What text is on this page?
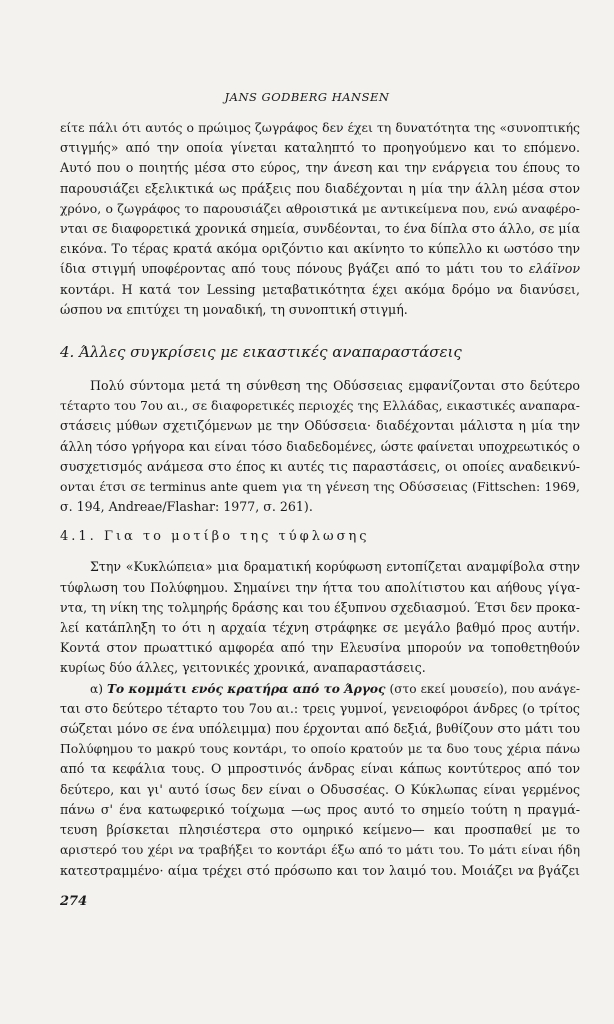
JANS GODBERG HANSEN
είτε πάλι ότι αυτός ο πρώιμος ζωγράφος δεν έχει τη δυνατότητα της «συνοπτικής
στιγμής» από την οποία γίνεται καταληπτό το προηγούμενο και το επόμενο.
Αυτό που ο ποιητής μέσα στο εύρος, την άνεση και την ενάργεια του έπους το
παρουσιάζει εξελικτικά ως πράξεις που διαδέχονται η μία την άλλη μέσα στον
χρόνο, ο ζωγράφος το παρουσιάζει αθροιστικά με αντικείμενα που, ενώ αναφέρο-
νται σε διαφορετικά χρονικά σημεία, συνδέονται, το ένα δίπλα στο άλλο, σε μία
εικόνα. Το τέρας κρατά ακόμα οριζόντιο και ακίνητο το κύπελλο κι ωστόσο την
ίδια στιγμή υποφέροντας από τους πόνους βγάζει από το μάτι του το ελάϊνον
κοντάρι. Η κατά τον Lessing μεταβατικότητα έχει ακόμα δρόμο να διανύσει,
ώσπου να επιτύχει τη μοναδική, τη συνοπτική στιγμή.
4. Άλλες συγκρίσεις με εικαστικές αναπαραστάσεις
Πολύ σύντομα μετά τη σύνθεση της Οδύσσειας εμφανίζονται στο δεύτερο
τέταρτο του 7ου αι., σε διαφορετικές περιοχές της Ελλάδας, εικαστικές αναπαρα-
στάσεις μύθων σχετιζόμενων με την Οδύσσεια· διαδέχονται μάλιστα η μία την
άλλη τόσο γρήγορα και είναι τόσο διαδεδομένες, ώστε φαίνεται υποχρεωτικός ο
συσχετισμός ανάμεσα στο έπος κι αυτές τις παραστάσεις, οι οποίες αναδεικνύ-
ονται έτσι σε terminus ante quem για τη γένεση της Οδύσσειας (Fittschen: 1969,
σ. 194, Andreae/Flashar: 1977, σ. 261).
4.1. Για το μοτίβο της τύφλωσης
Στην «Κυκλώπεια» μια δραματική κορύφωση εντοπίζεται αναμφίβολα στην
τύφλωση του Πολύφημου. Σημαίνει την ήττα του απολίτιστου και αήθους γίγα-
ντα, τη νίκη της τολμηρής δράσης και του έξυπνου σχεδιασμού. Έτσι δεν προκα-
λεί κατάπληξη το ότι η αρχαία τέχνη στράφηκε σε μεγάλο βαθμό προς αυτήν.
Κοντά στον πρωαττικό αμφορέα από την Ελευσίνα μπορούν να τοποθετηθούν
κυρίως δύο άλλες, γειτονικές χρονικά, αναπαραστάσεις.
α) Το κομμάτι ενός κρατήρα από το Άργος (στο εκεί μουσείο), που ανάγε-
ται στο δεύτερο τέταρτο του 7ου αι.: τρεις γυμνοί, γενειοφόροι άνδρες (ο τρίτος
σώζεται μόνο σε ένα υπόλειμμα) που έρχονται από δεξιά, βυθίζουν στο μάτι του
Πολύφημου το μακρύ τους κοντάρι, το οποίο κρατούν με τα δυο τους χέρια πάνω
από τα κεφάλια τους. Ο μπροστινός άνδρας είναι κάπως κοντύτερος από τον
δεύτερο, και γι' αυτό ίσως δεν είναι ο Οδυσσέας. Ο Κύκλωπας είναι γερμένος
πάνω σ' ένα κατωφερικό τοίχωμα —ως προς αυτό το σημείο τούτη η πραγμά-
τευση βρίσκεται πλησιέστερα στο ομηρικό κείμενο— και προσπαθεί με το
αριστερό του χέρι να τραβήξει το κοντάρι έξω από το μάτι του. Το μάτι είναι ήδη
κατεστραμμένο· αίμα τρέχει στό πρόσωπο και τον λαιμό του. Μοιάζει να βγάζει
274
